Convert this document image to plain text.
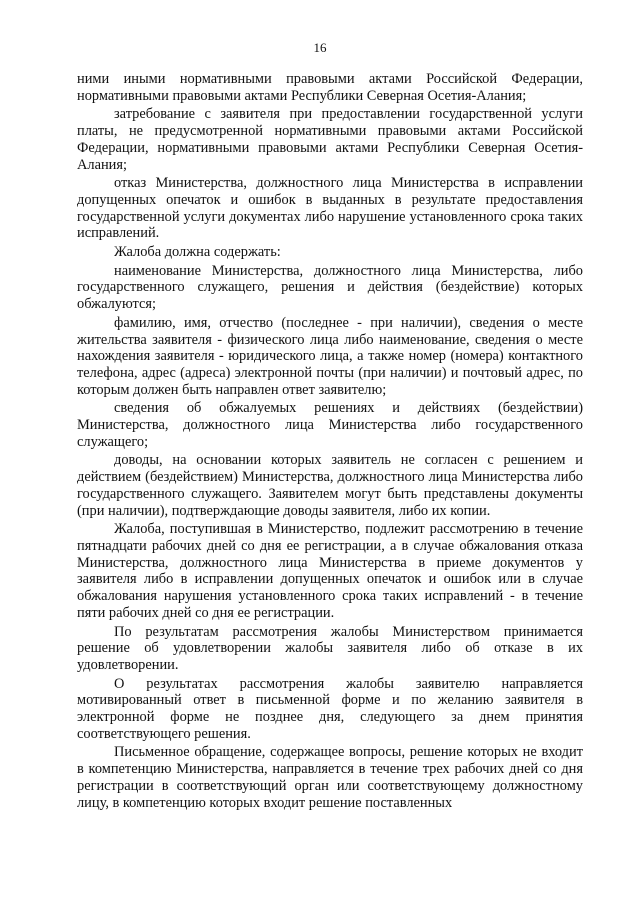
16

ними иными нормативными правовыми актами Российской Федерации, нормативными правовыми актами Республики Северная Осетия-Алания;

затребование с заявителя при предоставлении государственной услуги платы, не предусмотренной нормативными правовыми актами Российской Федерации, нормативными правовыми актами Республики Северная Осетия-Алания;

отказ Министерства, должностного лица Министерства в исправлении допущенных опечаток и ошибок в выданных в результате предоставления государственной услуги документах либо нарушение установленного срока таких исправлений.

Жалоба должна содержать:

наименование Министерства, должностного лица Министерства, либо государственного служащего, решения и действия (бездействие) которых обжалуются;

фамилию, имя, отчество (последнее - при наличии), сведения о месте жительства заявителя - физического лица либо наименование, сведения о месте нахождения заявителя - юридического лица, а также номер (номера) контактного телефона, адрес (адреса) электронной почты (при наличии) и почтовый адрес, по которым должен быть направлен ответ заявителю;

сведения об обжалуемых решениях и действиях (бездействии) Министерства, должностного лица Министерства либо государственного служащего;

доводы, на основании которых заявитель не согласен с решением и действием (бездействием) Министерства, должностного лица Министерства либо государственного служащего. Заявителем могут быть представлены документы (при наличии), подтверждающие доводы заявителя, либо их копии.

Жалоба, поступившая в Министерство, подлежит рассмотрению в течение пятнадцати рабочих дней со дня ее регистрации, а в случае обжалования отказа Министерства, должностного лица Министерства в приеме документов у заявителя либо в исправлении допущенных опечаток и ошибок или в случае обжалования нарушения установленного срока таких исправлений - в течение пяти рабочих дней со дня ее регистрации.

По результатам рассмотрения жалобы Министерством принимается решение об удовлетворении жалобы заявителя либо об отказе в их удовлетворении.

О результатах рассмотрения жалобы заявителю направляется мотивированный ответ в письменной форме и по желанию заявителя в электронной форме не позднее дня, следующего за днем принятия соответствующего решения.

Письменное обращение, содержащее вопросы, решение которых не входит в компетенцию Министерства, направляется в течение трех рабочих дней со дня регистрации в соответствующий орган или соответствующему должностному лицу, в компетенцию которых входит решение поставленных
